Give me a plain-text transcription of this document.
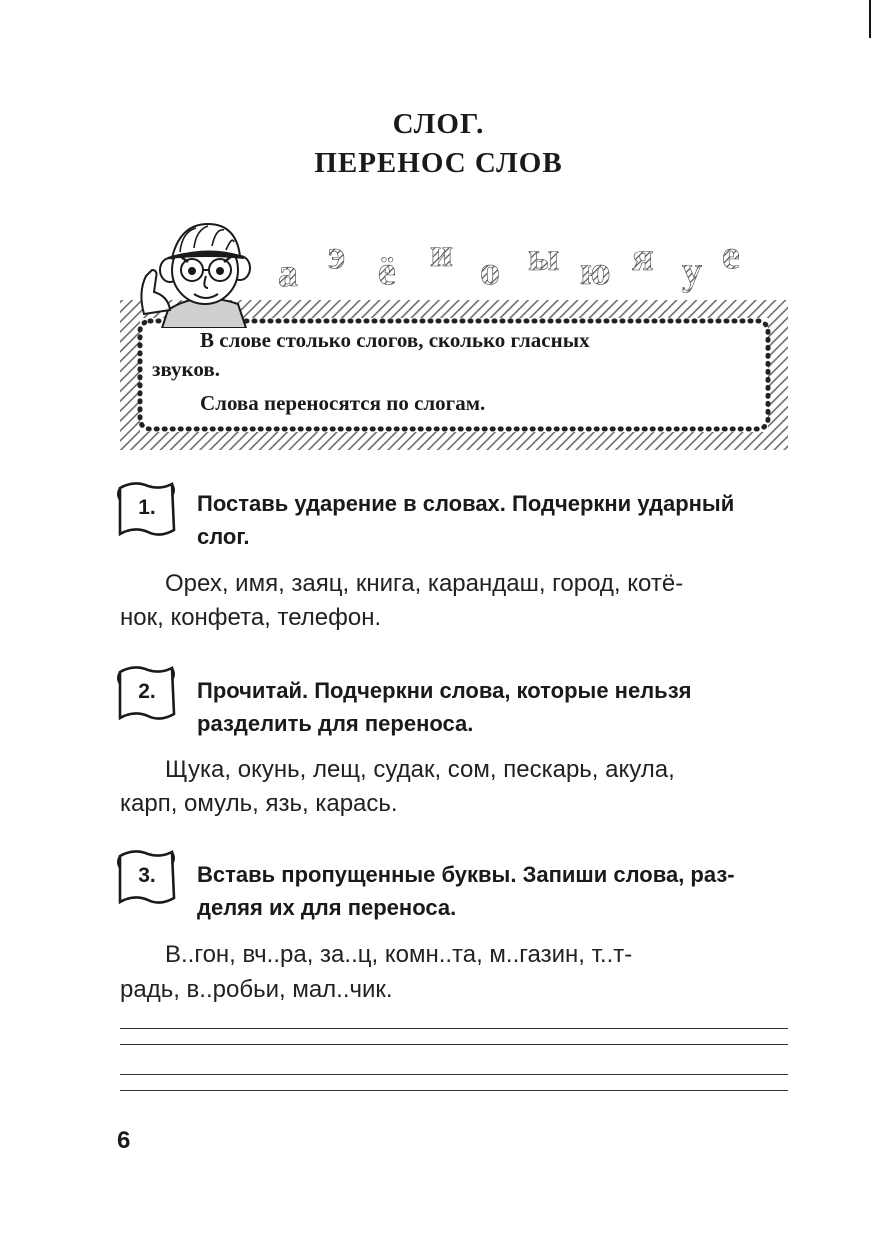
СЛОГ.
ПЕРЕНОС СЛОВ
а э ё и о ы ю я у е
В слове столько слогов, сколько гласных
звуков.
Слова переносятся по слогам.
1.	Поставь ударение в словах. Подчеркни ударный
слог.
Орех, имя, заяц, книга, карандаш, город, котё-
нок, конфета, телефон.
2.	Прочитай. Подчеркни слова, которые нельзя
разделить для переноса.
Щука, окунь, лещ, судак, сом, пескарь, акула,
карп, омуль, язь, карась.
3.	Вставь пропущенные буквы. Запиши слова, раз-
деляя их для переноса.
В..гон, вч..ра, за..ц, комн..та, м..газин, т..т-
радь, в..робьи, мал..чик.
6
